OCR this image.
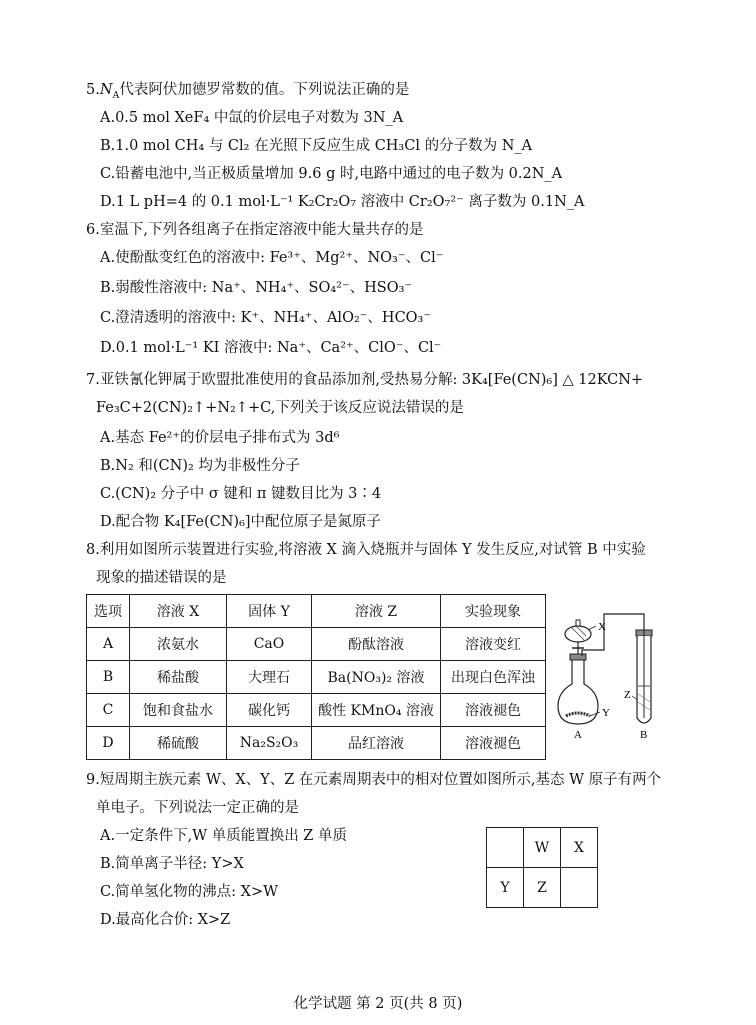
$5.N_A$代表阿伏加德罗常数的值。下列说法正确的是
A.0.5 mol XeF₄ 中氙的价层电子对数为 3N_A
B.1.0 mol CH₄ 与 Cl₂ 在光照下反应生成 CH₃Cl 的分子数为 N_A
C.铅蓄电池中,当正极质量增加 9.6 g 时,电路中通过的电子数为 0.2N_A
D.1 L pH=4 的 0.1 mol·L⁻¹ K₂Cr₂O₇ 溶液中 Cr₂O₇²⁻ 离子数为 0.1N_A
6.室温下,下列各组离子在指定溶液中能大量共存的是
A.使酚酞变红色的溶液中: Fe³⁺、Mg²⁺、NO₃⁻、Cl⁻
B.弱酸性溶液中: Na⁺、NH₄⁺、SO₄²⁻、HSO₃⁻
C.澄清透明的溶液中: K⁺、NH₄⁺、AlO₂⁻、HCO₃⁻
D.0.1 mol·L⁻¹ KI 溶液中: Na⁺、Ca²⁺、ClO⁻、Cl⁻
7.亚铁氰化钾属于欧盟批准使用的食品添加剂,受热易分解: 3K₄[Fe(CN)₆] △ 12KCN+
Fe₃C+2(CN)₂↑+N₂↑+C,下列关于该反应说法错误的是
A.基态 Fe²⁺的价层电子排布式为 3d⁶
B.N₂ 和(CN)₂ 均为非极性分子
C.(CN)₂ 分子中 σ 键和 π 键数目比为 3∶4
D.配合物 K₄[Fe(CN)₆]中配位原子是氮原子
8.利用如图所示装置进行实验,将溶液 X 滴入烧瓶并与固体 Y 发生反应,对试管 B 中实验
现象的描述错误的是
选项	溶液 X	固体 Y	溶液 Z	实验现象
A	浓氨水	CaO	酚酞溶液	溶液变红
B	稀盐酸	大理石	Ba(NO₃)₂ 溶液	出现白色浑浊
C	饱和食盐水	碳化钙	酸性 KMnO₄ 溶液	溶液褪色
D	稀硫酸	Na₂S₂O₃	品红溶液	溶液褪色
X
Y
Z
A	B
9.短周期主族元素 W、X、Y、Z 在元素周期表中的相对位置如图所示,基态 W 原子有两个
单电子。下列说法一定正确的是
A.一定条件下,W 单质能置换出 Z 单质
B.简单离子半径: Y>X
C.简单氢化物的沸点: X>W
D.最高化合价: X>Z
	W	X
Y	Z	
化学试题 第 2 页(共 8 页)
